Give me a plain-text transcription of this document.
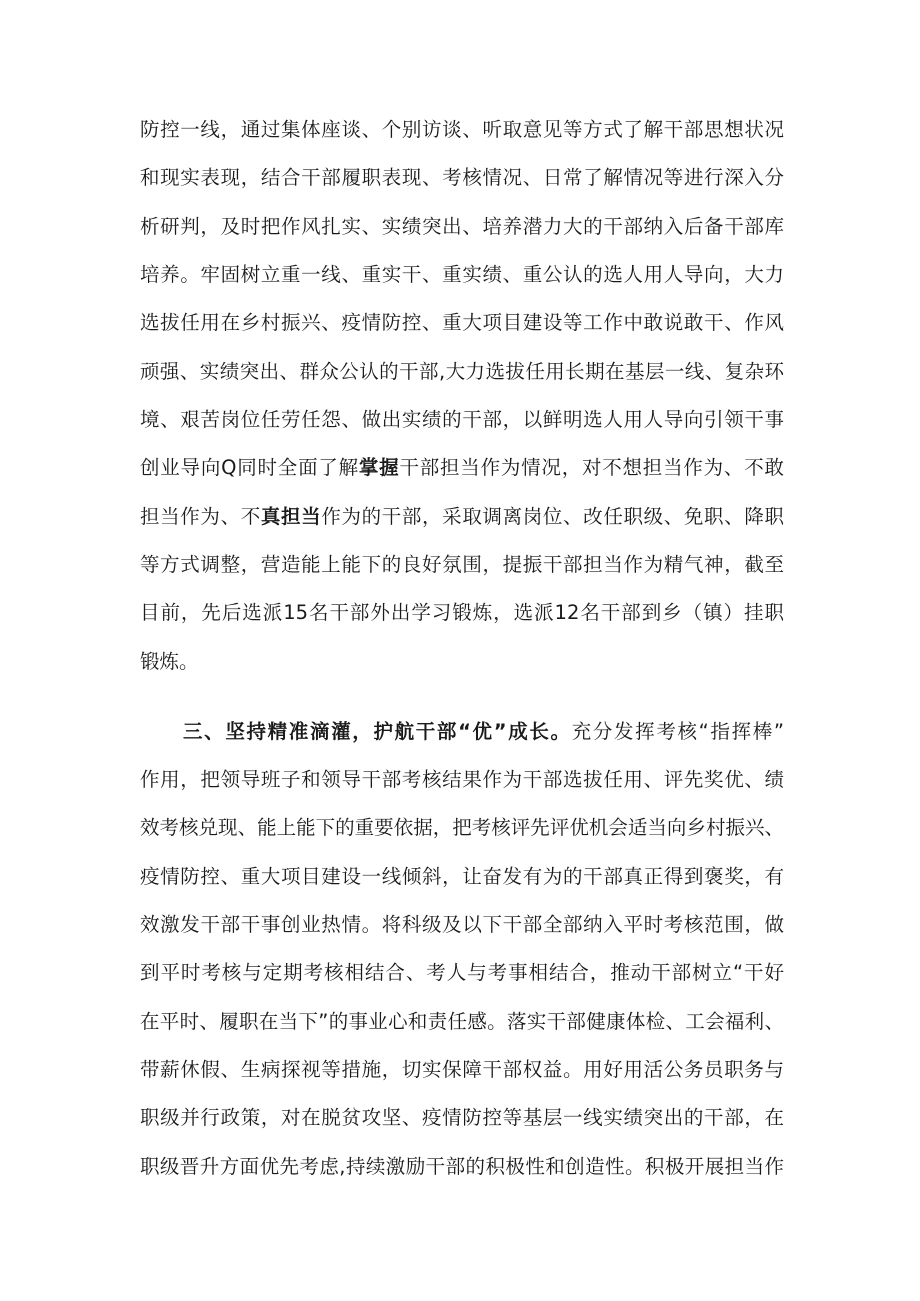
防控一线，通过集体座谈、个别访谈、听取意见等方式了解干部思想状况
和现实表现，结合干部履职表现、考核情况、日常了解情况等进行深入分
析研判，及时把作风扎实、实绩突出、培养潜力大的干部纳入后备干部库
培养。牢固树立重一线、重实干、重实绩、重公认的选人用人导向，大力
选拔任用在乡村振兴、疫情防控、重大项目建设等工作中敢说敢干、作风
顽强、实绩突出、群众公认的干部,大力选拔任用长期在基层一线、复杂环
境、艰苦岗位任劳任怨、做出实绩的干部，以鲜明选人用人导向引领干事
创业导向Q同时全面了解掌握干部担当作为情况，对不想担当作为、不敢
担当作为、不真担当作为的干部，采取调离岗位、改任职级、免职、降职
等方式调整，营造能上能下的良好氛围，提振干部担当作为精气神，截至
目前，先后选派15名干部外出学习锻炼，选派12名干部到乡（镇）挂职
锻炼。
三、坚持精准滴灌，护航干部“优”成长。充分发挥考核“指挥棒”
作用，把领导班子和领导干部考核结果作为干部选拔任用、评先奖优、绩
效考核兑现、能上能下的重要依据，把考核评先评优机会适当向乡村振兴、
疫情防控、重大项目建设一线倾斜，让奋发有为的干部真正得到褒奖，有
效激发干部干事创业热情。将科级及以下干部全部纳入平时考核范围，做
到平时考核与定期考核相结合、考人与考事相结合，推动干部树立“干好
在平时、履职在当下”的事业心和责任感。落实干部健康体检、工会福利、
带薪休假、生病探视等措施，切实保障干部权益。用好用活公务员职务与
职级并行政策，对在脱贫攻坚、疫情防控等基层一线实绩突出的干部，在
职级晋升方面优先考虑,持续激励干部的积极性和创造性。积极开展担当作
